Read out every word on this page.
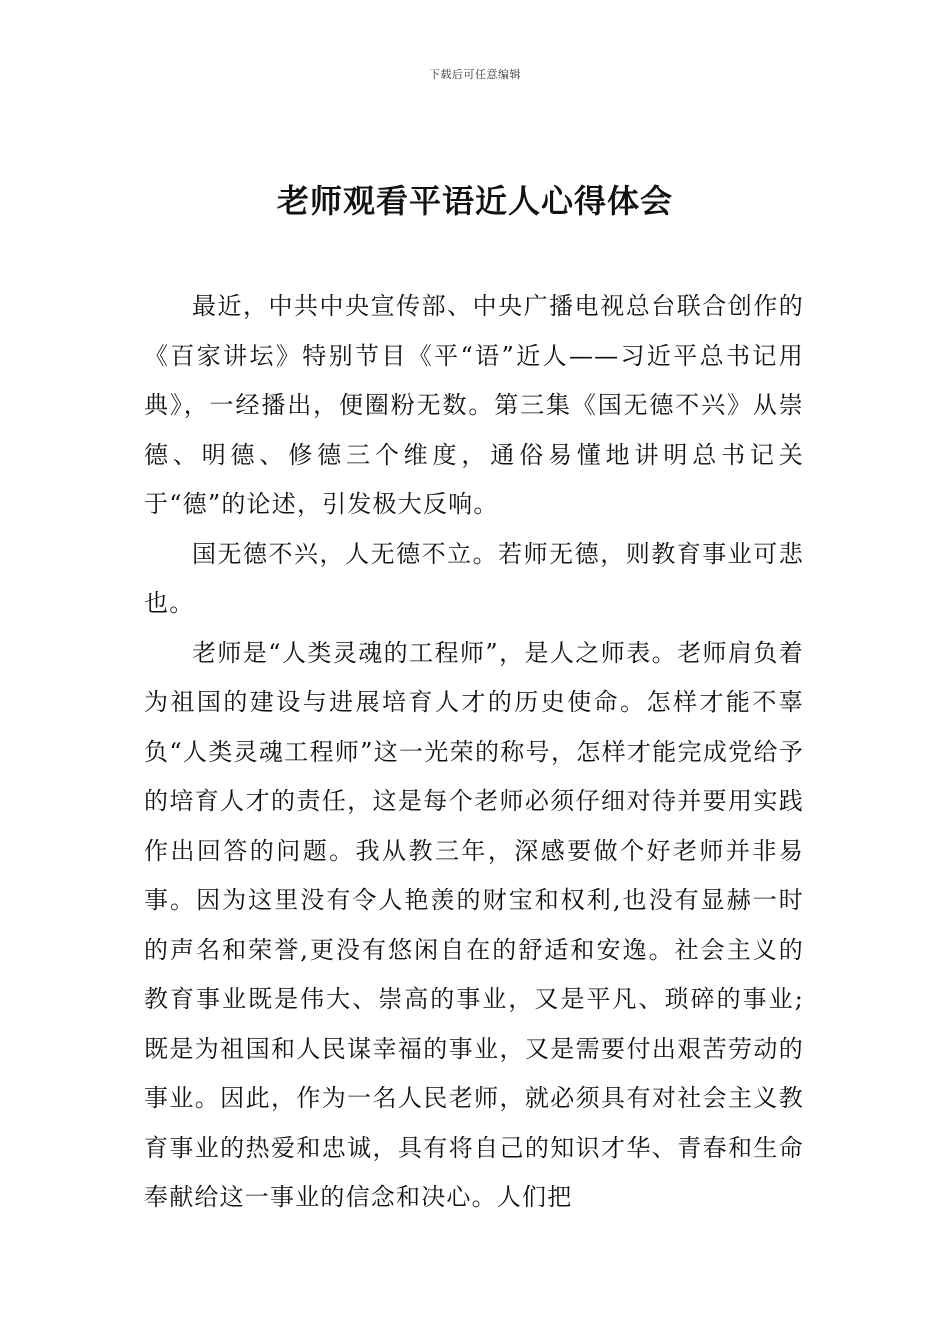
下载后可任意编辑
老师观看平语近人心得体会

最近，中共中央宣传部、中央广播电视总台联合创作的《百家讲坛》特别节目《平“语”近人——习近平总书记用典》，一经播出，便圈粉无数。第三集《国无德不兴》从崇德、明德、修德三个维度，通俗易懂地讲明总书记关于“德”的论述，引发极大反响。

国无德不兴，人无德不立。若师无德，则教育事业可悲也。

老师是“人类灵魂的工程师”，是人之师表。老师肩负着为祖国的建设与进展培育人才的历史使命。怎样才能不辜负“人类灵魂工程师”这一光荣的称号，怎样才能完成党给予的培育人才的责任，这是每个老师必须仔细对待并要用实践作出回答的问题。我从教三年，深感要做个好老师并非易事。因为这里没有令人艳羡的财宝和权利,也没有显赫一时的声名和荣誉,更没有悠闲自在的舒适和安逸。社会主义的教育事业既是伟大、崇高的事业，又是平凡、琐碎的事业;既是为祖国和人民谋幸福的事业，又是需要付出艰苦劳动的事业。因此，作为一名人民老师，就必须具有对社会主义教育事业的热爱和忠诚，具有将自己的知识才华、青春和生命奉献给这一事业的信念和决心。人们把
